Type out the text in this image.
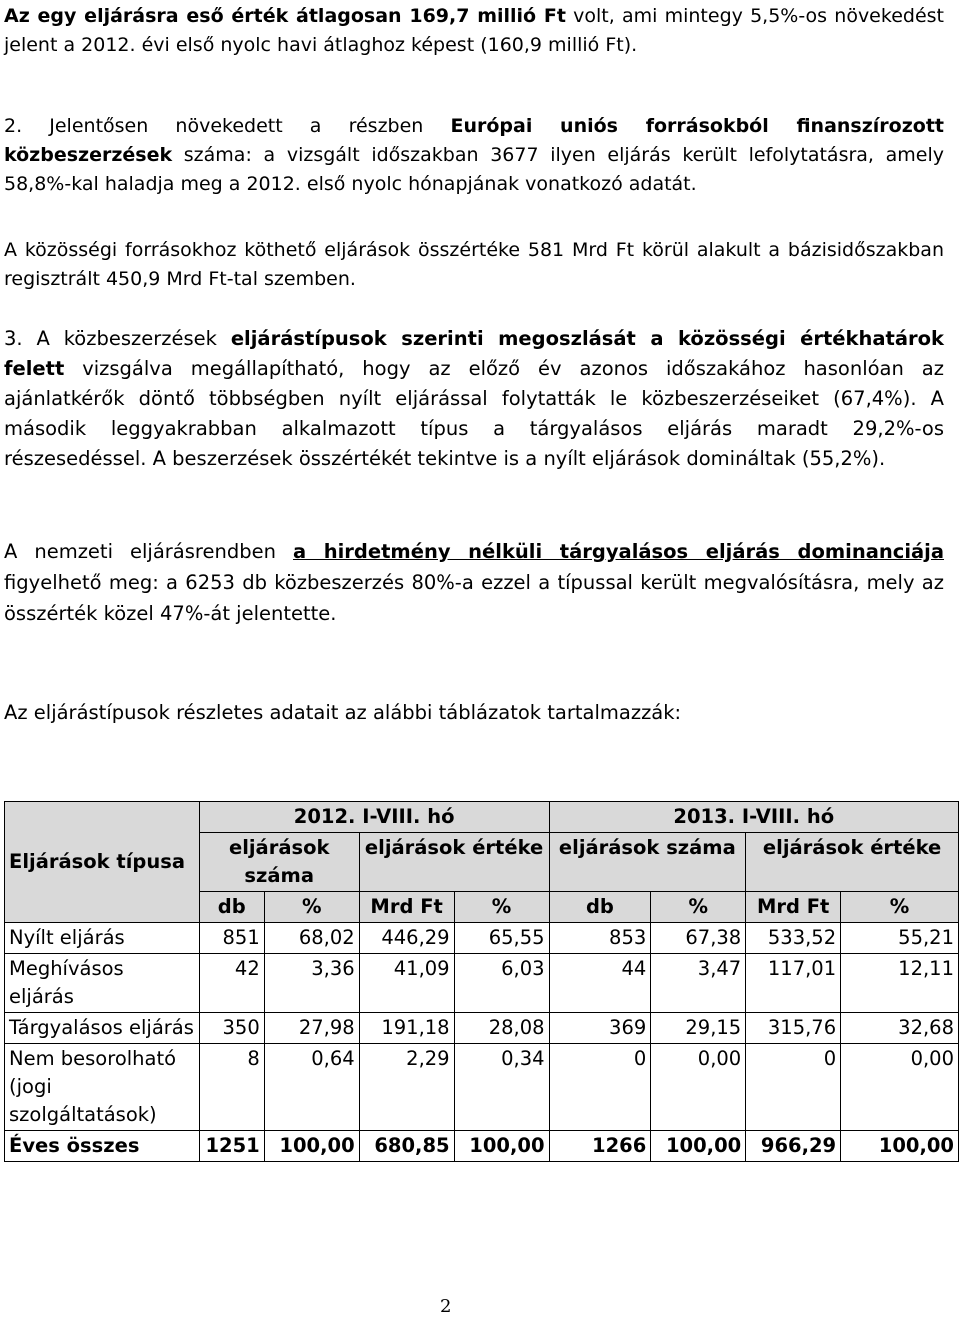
Az egy eljárásra eső érték átlagosan 169,7 millió Ft volt, ami mintegy 5,5%-os növekedést jelent a 2012. évi első nyolc havi átlaghoz képest (160,9 millió Ft).

2. Jelentősen növekedett a részben Európai uniós forrásokból finanszírozott közbeszerzések száma: a vizsgált időszakban 3677 ilyen eljárás került lefolytatásra, amely 58,8%-kal haladja meg a 2012. első nyolc hónapjának vonatkozó adatát.

A közösségi forrásokhoz köthető eljárások összértéke 581 Mrd Ft körül alakult a bázisidőszakban regisztrált 450,9 Mrd Ft-tal szemben.

3. A közbeszerzések eljárástípusok szerinti megoszlását a közösségi értékhatárok felett vizsgálva megállapítható, hogy az előző év azonos időszakához hasonlóan az ajánlatkérők döntő többségben nyílt eljárással folytatták le közbeszerzéseiket (67,4%). A második leggyakrabban alkalmazott típus a tárgyalásos eljárás maradt 29,2%-os részesedéssel. A beszerzések összértékét tekintve is a nyílt eljárások domináltak (55,2%).

A nemzeti eljárásrendben a hirdetmény nélküli tárgyalásos eljárás dominanciája figyelhető meg: a 6253 db közbeszerzés 80%-a ezzel a típussal került megvalósításra, mely az összérték közel 47%-át jelentette.

Az eljárástípusok részletes adatait az alábbi táblázatok tartalmazzák:

Eljárások típusa	2012. I-VIII. hó				2013. I-VIII. hó			
	eljárások száma		eljárások értéke		eljárások száma		eljárások értéke	
	db	%	Mrd Ft	%	db	%	Mrd Ft	%
Nyílt eljárás	851	68,02	446,29	65,55	853	67,38	533,52	55,21
Meghívásos eljárás	42	3,36	41,09	6,03	44	3,47	117,01	12,11
Tárgyalásos eljárás	350	27,98	191,18	28,08	369	29,15	315,76	32,68
Nem besorolható (jogi szolgáltatások)	8	0,64	2,29	0,34	0	0,00	0	0,00
Éves összes	1251	100,00	680,85	100,00	1266	100,00	966,29	100,00
2
